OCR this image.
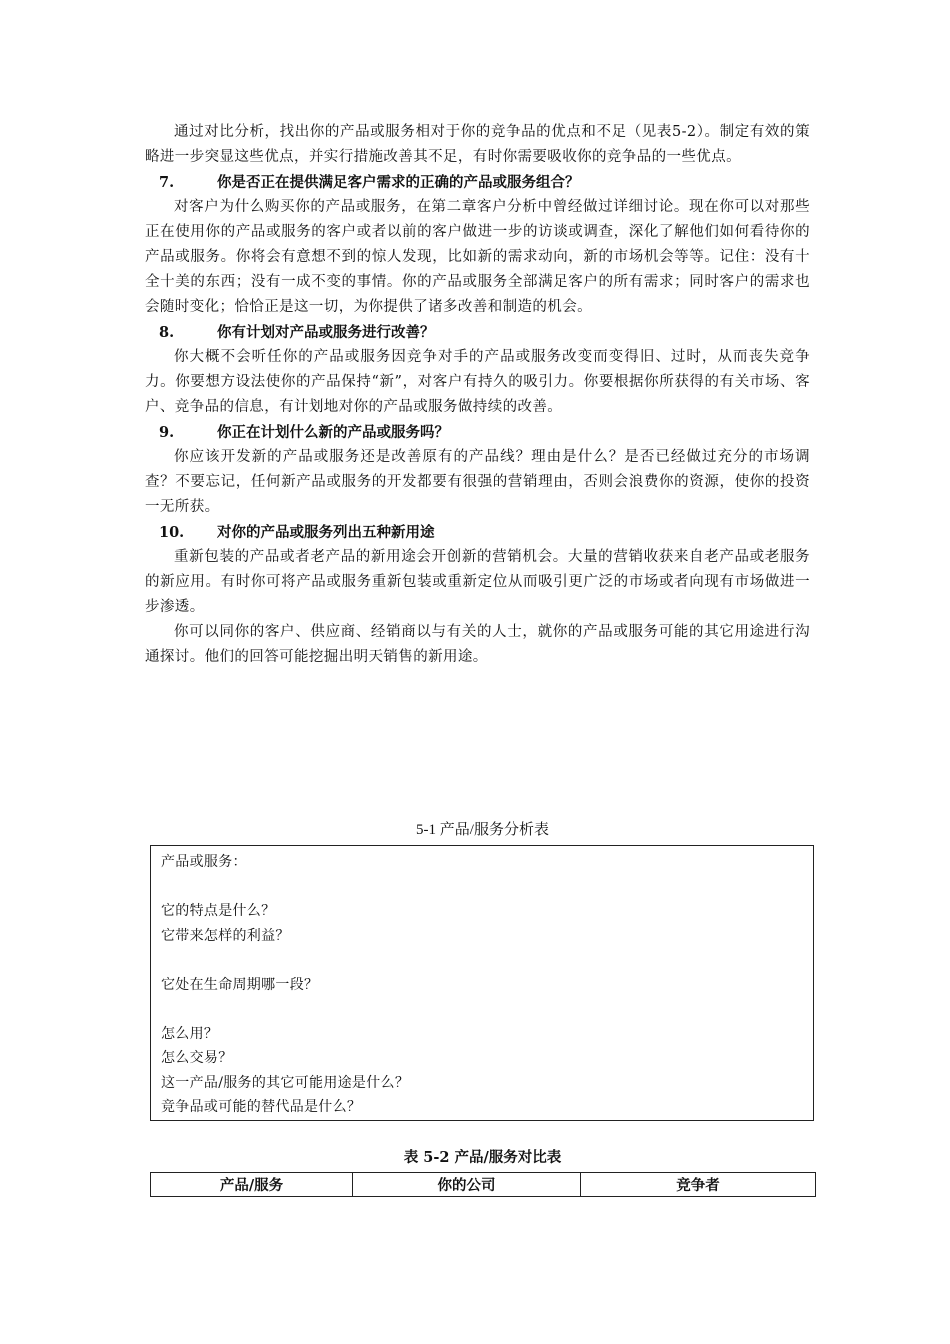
通过对比分析，找出你的产品或服务相对于你的竞争品的优点和不足（见表5-2）。制定有效的策略进一步突显这些优点，并实行措施改善其不足，有时你需要吸收你的竞争品的一些优点。

7.	你是否正在提供满足客户需求的正确的产品或服务组合？

对客户为什么购买你的产品或服务，在第二章客户分析中曾经做过详细讨论。现在你可以对那些正在使用你的产品或服务的客户或者以前的客户做进一步的访谈或调查，深化了解他们如何看待你的产品或服务。你将会有意想不到的惊人发现，比如新的需求动向，新的市场机会等等。记住：没有十全十美的东西；没有一成不变的事情。你的产品或服务全部满足客户的所有需求；同时客户的需求也会随时变化；恰恰正是这一切，为你提供了诸多改善和制造的机会。

8.	你有计划对产品或服务进行改善？

你大概不会听任你的产品或服务因竞争对手的产品或服务改变而变得旧、过时，从而丧失竞争力。你要想方设法使你的产品保持“新”，对客户有持久的吸引力。你要根据你所获得的有关市场、客户、竞争品的信息，有计划地对你的产品或服务做持续的改善。

9.	你正在计划什么新的产品或服务吗？

你应该开发新的产品或服务还是改善原有的产品线？理由是什么？是否已经做过充分的市场调查？不要忘记，任何新产品或服务的开发都要有很强的营销理由，否则会浪费你的资源，使你的投资一无所获。

10.	对你的产品或服务列出五种新用途

重新包装的产品或者老产品的新用途会开创新的营销机会。大量的营销收获来自老产品或老服务的新应用。有时你可将产品或服务重新包装或重新定位从而吸引更广泛的市场或者向现有市场做进一步渗透。

你可以同你的客户、供应商、经销商以与有关的人士，就你的产品或服务可能的其它用途进行沟通探讨。他们的回答可能挖掘出明天销售的新用途。

5-1 产品/服务分析表
产品或服务：
它的特点是什么？
它带来怎样的利益？
它处在生命周期哪一段？
怎么用？
怎么交易？
这一产品/服务的其它可能用途是什么？
竞争品或可能的替代品是什么？
表 5-2 产品/服务对比表
产品/服务	你的公司	竞争者
